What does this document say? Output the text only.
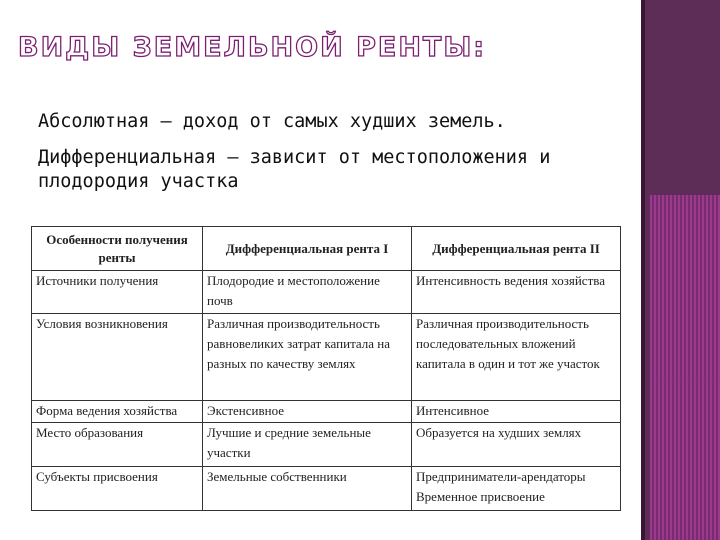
ВИДЫ ЗЕМЕЛЬНОЙ РЕНТЫ:
Абсолютная – доход от самых худших земель.
Дифференциальная – зависит от местоположения и плодородия участка
Особенности получения ренты	Дифференциальная рента I	Дифференциальная рента II
Источники получения	Плодородие и местоположение почв	Интенсивность ведения хозяйства
Условия возникновения	Различная производительность равновеликих затрат капитала на разных по качеству землях	Различная производительность последовательных вложений капитала в один и тот же участок
Форма ведения хозяйства	Экстенсивное	Интенсивное
Место образования	Лучшие и средние земельные участки	Образуется на худших землях
Субъекты присвоения	Земельные собственники	Предприниматели-арендаторы Временное присвоение
